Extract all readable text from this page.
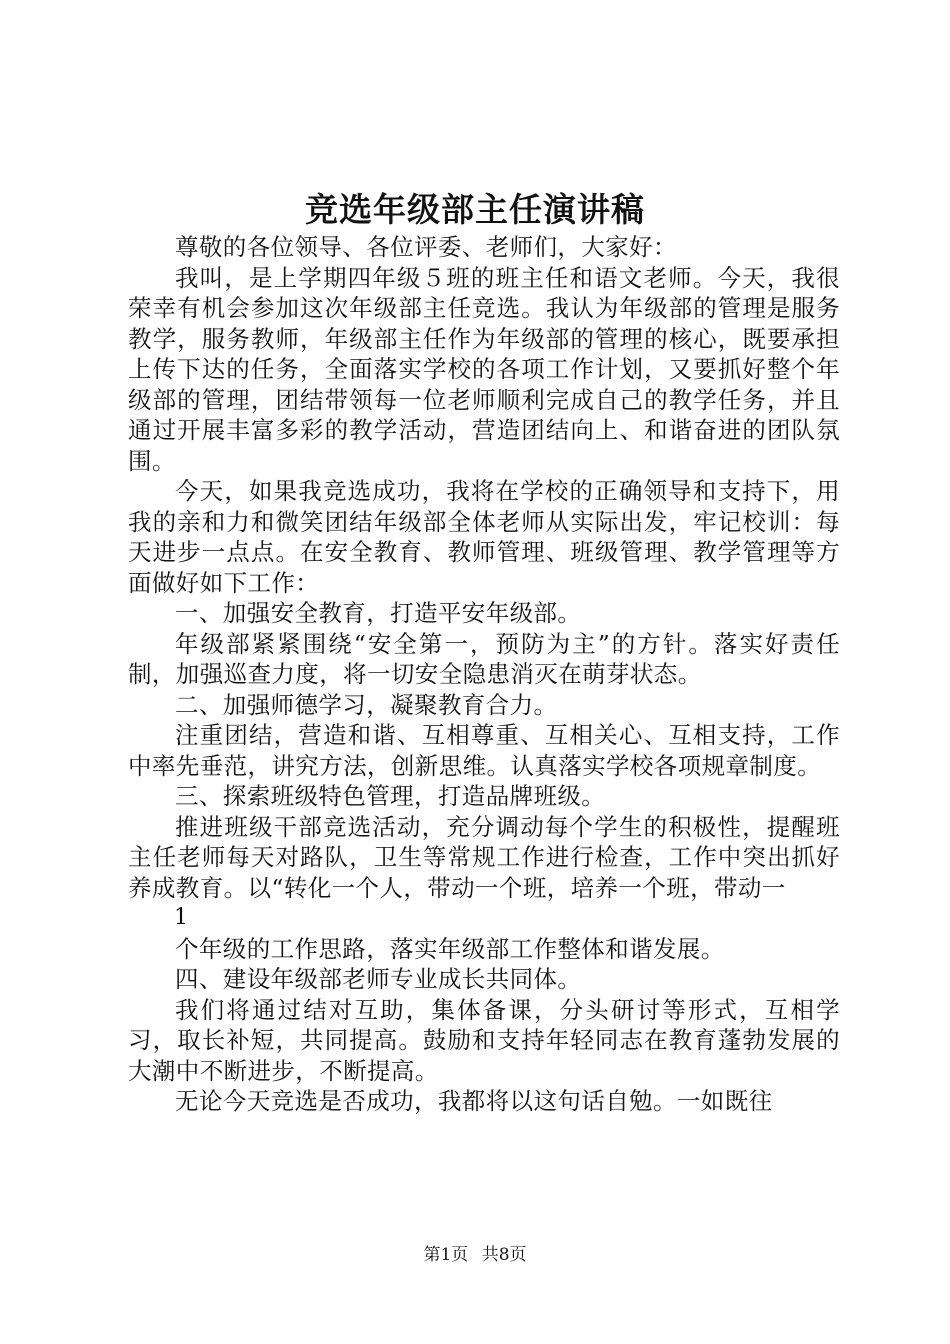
竞选年级部主任演讲稿

尊敬的各位领导、各位评委、老师们，大家好：

我叫，是上学期四年级５班的班主任和语文老师。今天，我很荣幸有机会参加这次年级部主任竞选。我认为年级部的管理是服务教学，服务教师，年级部主任作为年级部的管理的核心，既要承担上传下达的任务，全面落实学校的各项工作计划，又要抓好整个年级部的管理，团结带领每一位老师顺利完成自己的教学任务，并且通过开展丰富多彩的教学活动，营造团结向上、和谐奋进的团队氛围。

今天，如果我竞选成功，我将在学校的正确领导和支持下，用我的亲和力和微笑团结年级部全体老师从实际出发，牢记校训：每天进步一点点。在安全教育、教师管理、班级管理、教学管理等方面做好如下工作：

一、加强安全教育，打造平安年级部。

年级部紧紧围绕“安全第一，预防为主”的方针。落实好责任制，加强巡查力度，将一切安全隐患消灭在萌芽状态。

二、加强师德学习，凝聚教育合力。

注重团结，营造和谐、互相尊重、互相关心、互相支持，工作中率先垂范，讲究方法，创新思维。认真落实学校各项规章制度。

三、探索班级特色管理，打造品牌班级。

推进班级干部竞选活动，充分调动每个学生的积极性，提醒班主任老师每天对路队，卫生等常规工作进行检查，工作中突出抓好养成教育。以“转化一个人，带动一个班，培养一个班，带动一

1

个年级的工作思路，落实年级部工作整体和谐发展。

四、建设年级部老师专业成长共同体。

我们将通过结对互助，集体备课，分头研讨等形式，互相学习，取长补短，共同提高。鼓励和支持年轻同志在教育蓬勃发展的大潮中不断进步，不断提高。

无论今天竞选是否成功，我都将以这句话自勉。一如既往

第1页 共8页
